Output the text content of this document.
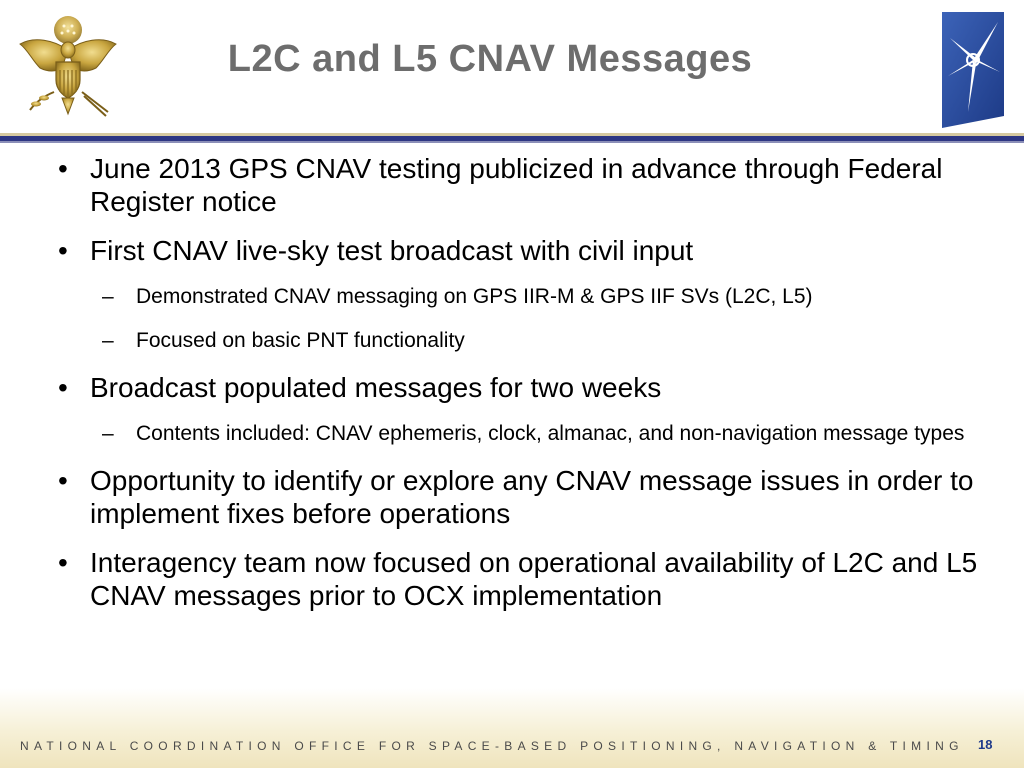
L2C and L5 CNAV Messages
• June 2013 GPS CNAV testing publicized in advance through Federal Register notice
• First CNAV live-sky test broadcast with civil input
– Demonstrated CNAV messaging on GPS IIR-M & GPS IIF SVs (L2C, L5)
– Focused on basic PNT functionality
• Broadcast populated messages for two weeks
– Contents included: CNAV ephemeris, clock, almanac, and non-navigation message types
• Opportunity to identify or explore any CNAV message issues in order to implement fixes before operations
• Interagency team now focused on operational availability of L2C and L5 CNAV messages prior to OCX implementation
NATIONAL COORDINATION OFFICE FOR SPACE-BASED POSITIONING, NAVIGATION & TIMING 18
